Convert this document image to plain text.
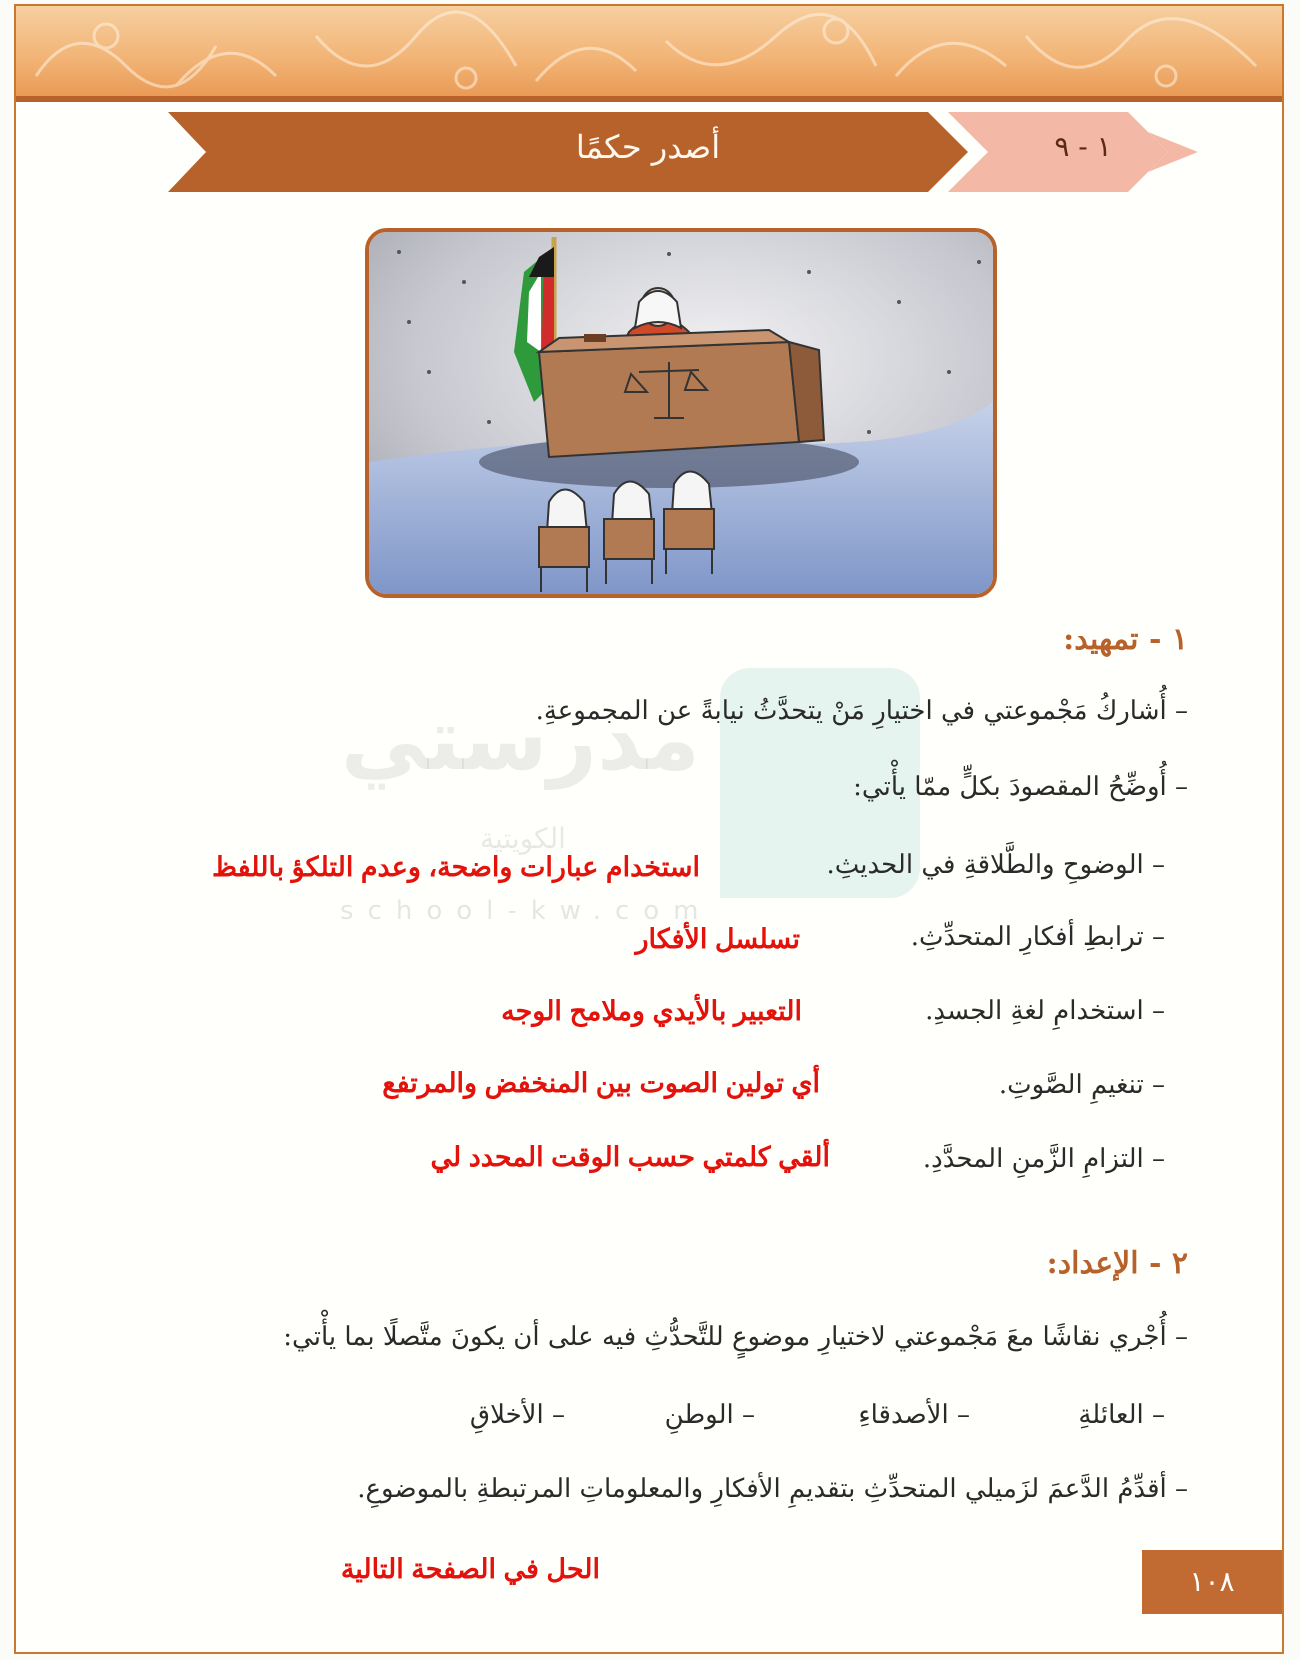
أصدر حكمًا	١ - ٩
الكويتية
school-kw.com
١ - تمهيد:
– أُشاركُ مَجْموعتي في اختيارِ مَنْ يتحدَّثُ نيابةً عن المجموعةِ.
– أُوضِّحُ المقصودَ بكلٍّ ممّا يأْتي:
– الوضوحِ والطَّلاقةِ في الحديثِ.
استخدام عبارات واضحة، وعدم التلكؤ باللفظ
– ترابطِ أفكارِ المتحدِّثِ.
تسلسل الأفكار
– استخدامِ لغةِ الجسدِ.
التعبير بالأيدي وملامح الوجه
– تنغيمِ الصَّوتِ.
أي تولين الصوت بين المنخفض والمرتفع
– التزامِ الزَّمنِ المحدَّدِ.
ألقي كلمتي حسب الوقت المحدد لي
٢ - الإعداد:
– أُجْري نقاشًا معَ مَجْموعتي لاختيارِ موضوعٍ للتَّحدُّثِ فيه على أن يكونَ متَّصلًا بما يأْتي:
– العائلةِ
– الأصدقاءِ
– الوطنِ
– الأخلاقِ
– أقدِّمُ الدَّعمَ لزَميلي المتحدِّثِ بتقديمِ الأفكارِ والمعلوماتِ المرتبطةِ بالموضوعِ.
الحل في الصفحة التالية	١٠٨
